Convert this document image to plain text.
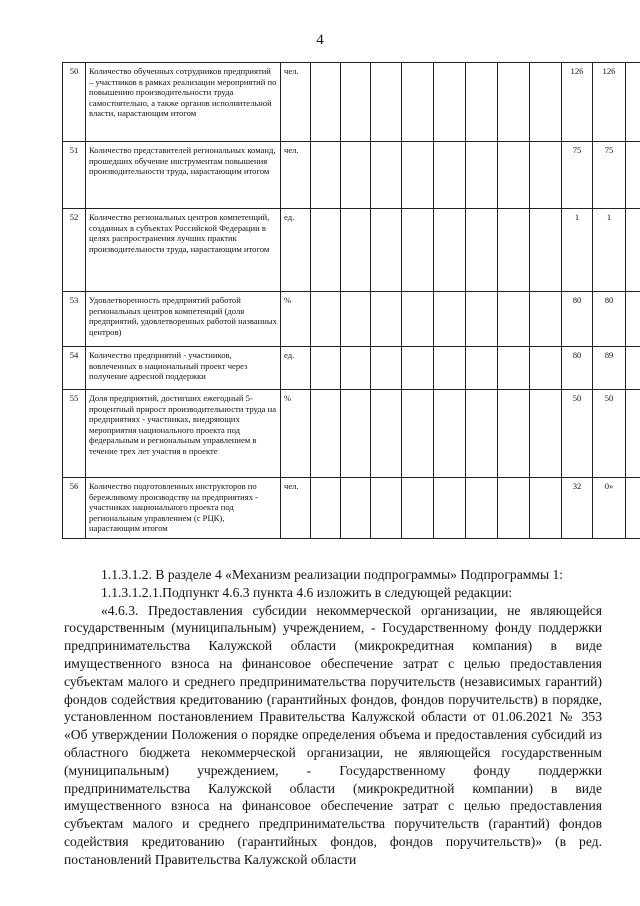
4
50	Количество обученных сотрудников предприятий – участников в рамках реализации мероприятий по повышению производительности труда самостоятельно, а также органов исполнительной власти, нарастающим итогом	чел.									126	126	
51	Количество представителей региональных команд, прошедших обучение инструментам повышения производительности труда, нарастающим итогом	чел.									75	75	
52	Количество региональных центров компетенций, созданных в субъектах Российской Федерации в целях распространения лучших практик производительности труда, нарастающим итогом	ед.									1	1	
53	Удовлетворенность предприятий работой региональных центров компетенций (доля предприятий, удовлетворенных работой названных центров)	%									80	80	
54	Количество предприятий - участников, вовлеченных в национальный проект через получение адресной поддержки	ед.									80	89	
55	Доля предприятий, достигших ежегодный 5-процентный прирост производительности труда на предприятиях - участниках, внедряющих мероприятия национального проекта под федеральным и региональным управлением в течение трех лет участия в проекте	%									50	50	
56	Количество подготовленных инструкторов по бережливому производству на предприятиях - участниках национального проекта под региональным управлением (с РЦК), нарастающим итогом	чел.									32	0»	

1.1.3.1.2. В разделе 4 «Механизм реализации подпрограммы» Подпрограммы 1:

1.1.3.1.2.1.Подпункт 4.6.3 пункта 4.6 изложить в следующей редакции:

«4.6.3. Предоставления субсидии некоммерческой организации, не являющейся государственным (муниципальным) учреждением, - Государственному фонду поддержки предпринимательства Калужской области (микрокредитная компания) в виде имущественного взноса на финансовое обеспечение затрат с целью предоставления субъектам малого и среднего предпринимательства поручительств (независимых гарантий) фондов содействия кредитованию (гарантийных фондов, фондов поручительств) в порядке, установленном постановлением Правительства Калужской области от 01.06.2021 № 353 «Об утверждении Положения о порядке определения объема и предоставления субсидий из областного бюджета некоммерческой организации, не являющейся государственным (муниципальным) учреждением, - Государственному фонду поддержки предпринимательства Калужской области (микрокредитной компании) в виде имущественного взноса на финансовое обеспечение затрат с целью предоставления субъектам малого и среднего предпринимательства поручительств (гарантий) фондов содействия кредитованию (гарантийных фондов, фондов поручительств)» (в ред. постановлений Правительства Калужской области
